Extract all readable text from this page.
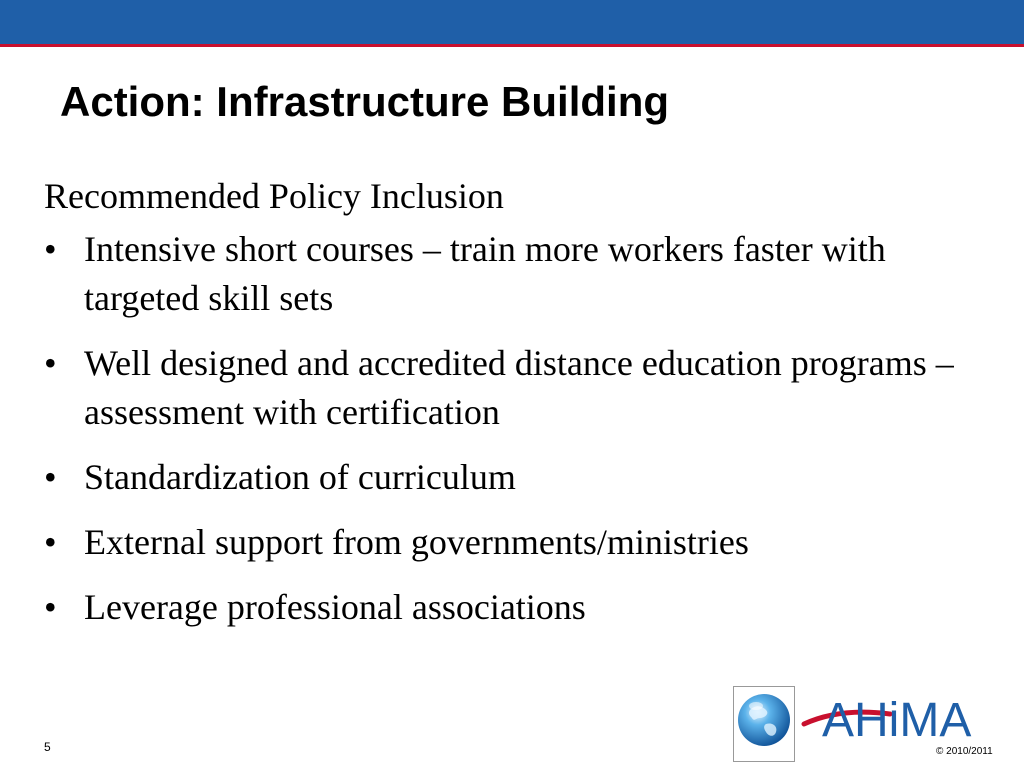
Action: Infrastructure Building

Recommended Policy Inclusion

• Intensive short courses – train more workers faster with targeted skill sets
• Well designed and accredited distance education programs – assessment with certification
• Standardization of curriculum
• External support from governments/ministries
• Leverage professional associations
5	AHiMA
© 2010/2011
